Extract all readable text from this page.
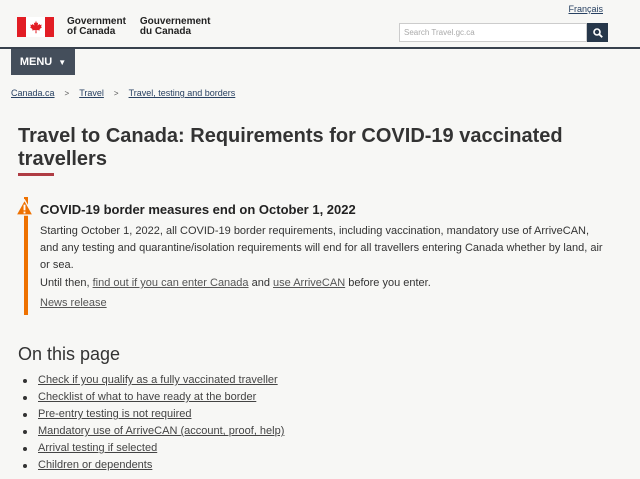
Français
Government
of Canada
Gouvernement
du Canada
Search Travel.gc.ca
MENU ▼
Canada.ca > Travel > Travel, testing and borders
Travel to Canada: Requirements for COVID-19 vaccinated travellers
COVID-19 border measures end on October 1, 2022

Starting October 1, 2022, all COVID-19 border requirements, including vaccination, mandatory use of ArriveCAN, and any testing and quarantine/isolation requirements will end for all travellers entering Canada whether by land, air or sea.

Until then, find out if you can enter Canada and use ArriveCAN before you enter.

News release
On this page
Check if you qualify as a fully vaccinated traveller
Checklist of what to have ready at the border
Pre-entry testing is not required
Mandatory use of ArriveCAN (account, proof, help)
Arrival testing if selected
Children or dependents
